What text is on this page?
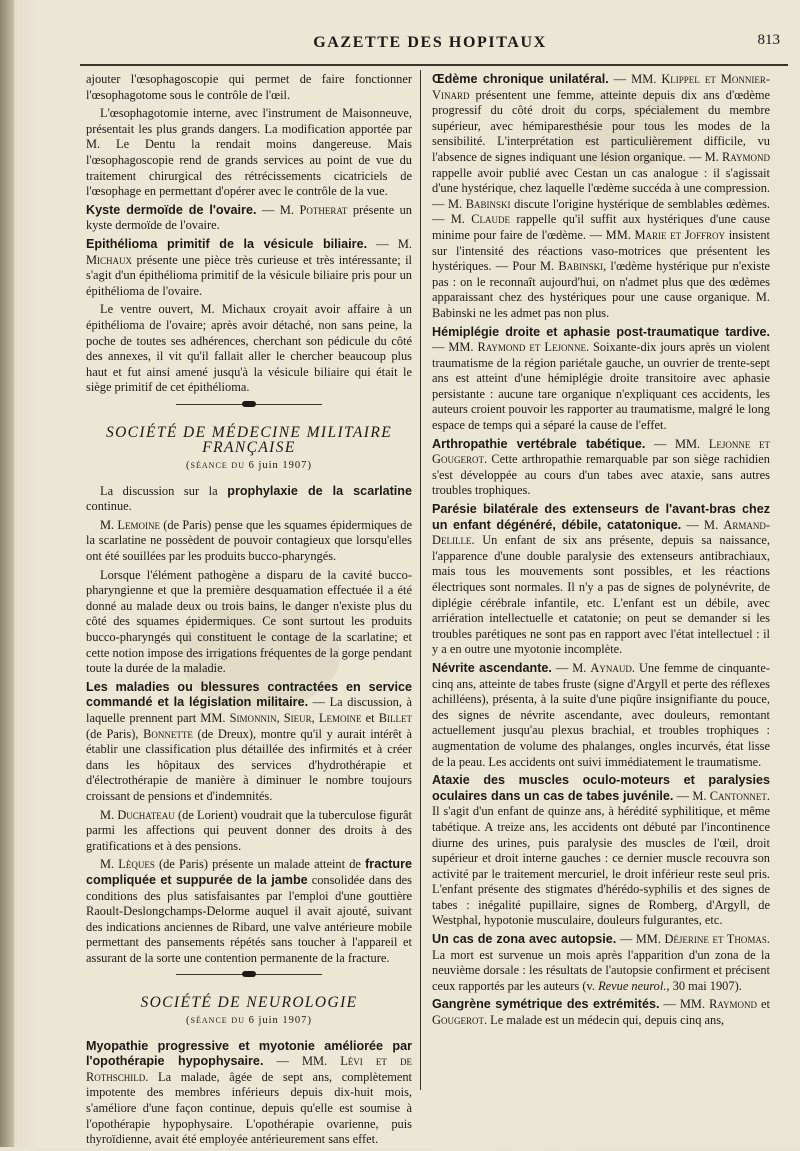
GAZETTE DES HOPITAUX	813

ajouter l'œsophagoscopie qui permet de faire fonctionner l'œsophagotome sous le contrôle de l'œil.

L'œsophagotomie interne, avec l'instrument de Maisonneuve, présentait les plus grands dangers. La modification apportée par M. Le Dentu la rendait moins dangereuse. Mais l'œsophagoscopie rend de grands services au point de vue du traitement chirurgical des rétrécissements cicatriciels de l'œsophage en permettant d'opérer avec le contrôle de la vue.

Kyste dermoïde de l'ovaire. — M. Potherat présente un kyste dermoïde de l'ovaire.

Epithélioma primitif de la vésicule biliaire. — M. Michaux présente une pièce très curieuse et très intéressante; il s'agit d'un épithélioma primitif de la vésicule biliaire pris pour un épithélioma de l'ovaire.

Le ventre ouvert, M. Michaux croyait avoir affaire à un épithélioma de l'ovaire; après avoir détaché, non sans peine, la poche de toutes ses adhérences, cherchant son pédicule du côté des annexes, il vit qu'il fallait aller le chercher beaucoup plus haut et fut ainsi amené jusqu'à la vésicule biliaire qui était le siège primitif de cet épithélioma.

SOCIÉTÉ DE MÉDECINE MILITAIRE FRANÇAISE
(séance du 6 juin 1907)

La discussion sur la prophylaxie de la scarlatine continue.

M. Lemoine (de Paris) pense que les squames épidermiques de la scarlatine ne possèdent de pouvoir contagieux que lorsqu'elles ont été souillées par les produits bucco-pharyngés.

Lorsque l'élément pathogène a disparu de la cavité bucco-pharyngienne et que la première desquamation effectuée il a été donné au malade deux ou trois bains, le danger n'existe plus du côté des squames épidermiques. Ce sont surtout les produits bucco-pharyngés qui constituent le contage de la scarlatine; et cette notion impose des irrigations fréquentes de la gorge pendant toute la durée de la maladie.

Les maladies ou blessures contractées en service commandé et la législation militaire. — La discussion, à laquelle prennent part MM. Simonnin, Sieur, Lemoine et Billet (de Paris), Bonnette (de Dreux), montre qu'il y aurait intérêt à établir une classification plus détaillée des infirmités et à créer dans les hôpitaux des services d'hydrothérapie et d'électrothérapie de manière à diminuer le nombre toujours croissant de pensions et d'indemnités.

M. Duchateau (de Lorient) voudrait que la tuberculose figurât parmi les affections qui peuvent donner des droits à des gratifications et à des pensions.

M. Lèques (de Paris) présente un malade atteint de fracture compliquée et suppurée de la jambe consolidée dans des conditions des plus satisfaisantes par l'emploi d'une gouttière Raoult-Deslongchamps-Delorme auquel il avait ajouté, suivant des indications anciennes de Ribard, une valve antérieure mobile permettant des pansements répétés sans toucher à l'appareil et assurant de la sorte une contention permanente de la fracture.

SOCIÉTÉ DE NEUROLOGIE
(séance du 6 juin 1907)

Myopathie progressive et myotonie améliorée par l'opothérapie hypophysaire. — MM. Lévi et de Rothschild. La malade, âgée de sept ans, complètement impotente des membres inférieurs depuis dix-huit mois, s'améliore d'une façon continue, depuis qu'elle est soumise à l'opothérapie hypophysaire. L'opothérapie ovarienne, puis thyroïdienne, avait été employée antérieurement sans effet.

Œdème chronique unilatéral. — MM. Klippel et Monnier-Vinard présentent une femme, atteinte depuis dix ans d'œdème progressif du côté droit du corps, spécialement du membre supérieur, avec hémiparesthésie pour tous les modes de la sensibilité. L'interprétation est particulièrement difficile, vu l'absence de signes indiquant une lésion organique. — M. Raymond rappelle avoir publié avec Cestan un cas analogue : il s'agissait d'une hystérique, chez laquelle l'œdème succéda à une compression. — M. Babinski discute l'origine hystérique de semblables œdèmes. — M. Claude rappelle qu'il suffit aux hystériques d'une cause minime pour faire de l'œdème. — MM. Marie et Joffroy insistent sur l'intensité des réactions vaso-motrices que présentent les hystériques. — Pour M. Babinski, l'œdème hystérique pur n'existe pas : on le reconnaît aujourd'hui, on n'admet plus que des œdèmes apparaissant chez des hystériques pour une cause organique. M. Babinski ne les admet pas non plus.

Hémiplégie droite et aphasie post-traumatique tardive. — MM. Raymond et Lejonne. Soixante-dix jours après un violent traumatisme de la région pariétale gauche, un ouvrier de trente-sept ans est atteint d'une hémiplégie droite transitoire avec aphasie persistante : aucune tare organique n'expliquant ces accidents, les auteurs croient pouvoir les rapporter au traumatisme, malgré le long espace de temps qui a séparé la cause de l'effet.

Arthropathie vertébrale tabétique. — MM. Lejonne et Gougerot. Cette arthropathie remarquable par son siège rachidien s'est développée au cours d'un tabes avec ataxie, sans autres troubles trophiques.

Parésie bilatérale des extenseurs de l'avant-bras chez un enfant dégénéré, débile, catatonique. — M. Armand-Delille. Un enfant de six ans présente, depuis sa naissance, l'apparence d'une double paralysie des extenseurs antibrachiaux, mais tous les mouvements sont possibles, et les réactions électriques sont normales. Il n'y a pas de signes de polynévrite, de diplégie cérébrale infantile, etc. L'enfant est un débile, avec arriération intellectuelle et catatonie; on peut se demander si les troubles parétiques ne sont pas en rapport avec l'état intellectuel : il y a en outre une myotonie incomplète.

Névrite ascendante. — M. Aynaud. Une femme de cinquante-cinq ans, atteinte de tabes fruste (signe d'Argyll et perte des réflexes achilléens), présenta, à la suite d'une piqûre insignifiante du pouce, des signes de névrite ascendante, avec douleurs, remontant actuellement jusqu'au plexus brachial, et troubles trophiques : augmentation de volume des phalanges, ongles incurvés, état lisse de la peau. Les accidents ont suivi immédiatement le traumatisme.

Ataxie des muscles oculo-moteurs et paralysies oculaires dans un cas de tabes juvénile. — M. Cantonnet. Il s'agit d'un enfant de quinze ans, à hérédité syphilitique, et même tabétique. A treize ans, les accidents ont débuté par l'incontinence diurne des urines, puis paralysie des muscles de l'œil, droit supérieur et droit interne gauches : ce dernier muscle recouvra son activité par le traitement mercuriel, le droit inférieur reste seul pris. L'enfant présente des stigmates d'hérédo-syphilis et des signes de tabes : inégalité pupillaire, signes de Romberg, d'Argyll, de Westphal, hypotonie musculaire, douleurs fulgurantes, etc.

Un cas de zona avec autopsie. — MM. Déjerine et Thomas. La mort est survenue un mois après l'apparition d'un zona de la neuvième dorsale : les résultats de l'autopsie confirment et précisent ceux rapportés par les auteurs (v. Revue neurol., 30 mai 1907).

Gangrène symétrique des extrémités. — MM. Raymond et Gougerot. Le malade est un médecin qui, depuis cinq ans,
